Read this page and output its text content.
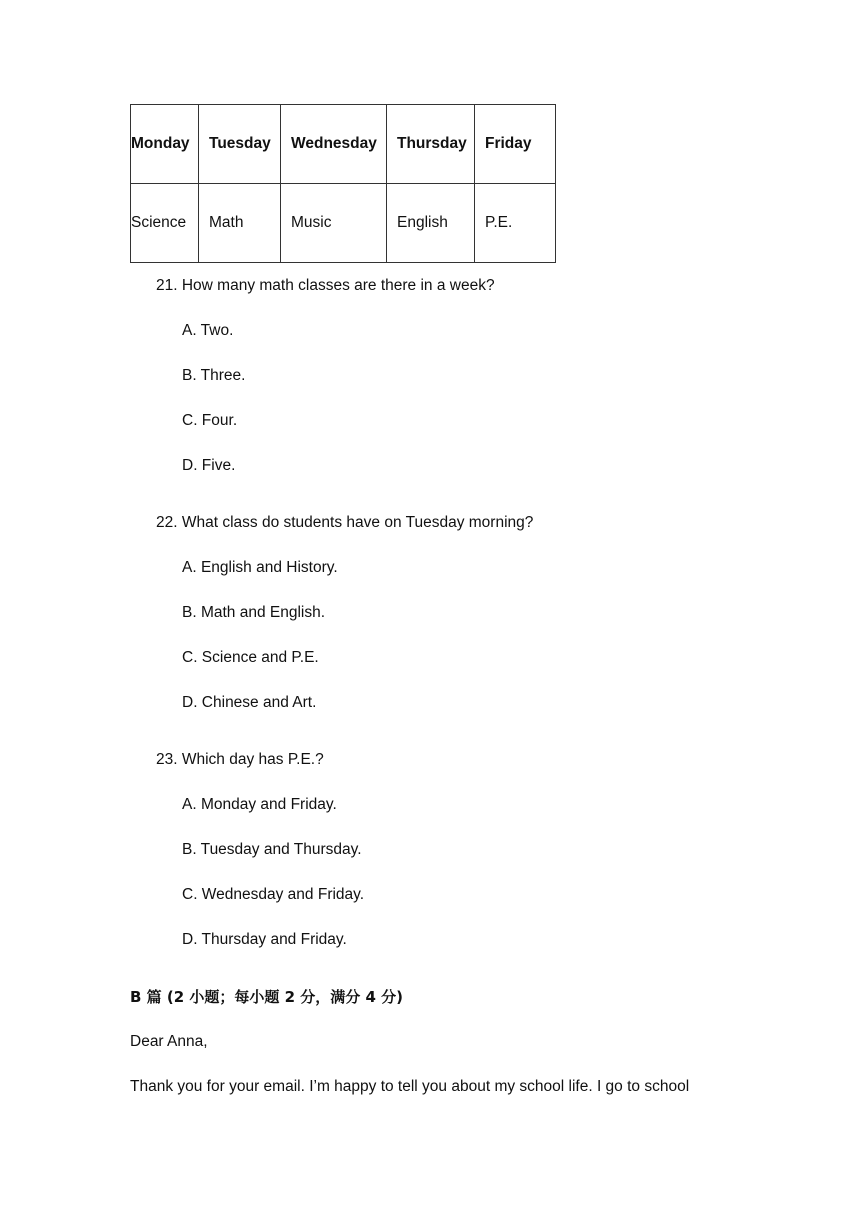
Monday	Tuesday	Wednesday	Thursday	Friday
Science	Math	Music	English	P.E.
21. How many math classes are there in a week?
A. Two.
B. Three.
C. Four.
D. Five.
22. What class do students have on Tuesday morning?
A. English and History.
B. Math and English.
C. Science and P.E.
D. Chinese and Art.
23. Which day has P.E.?
A. Monday and Friday.
B. Tuesday and Thursday.
C. Wednesday and Friday.
D. Thursday and Friday.
B 篇 (2 小题；每小题 2 分，满分 4 分)
Dear Anna,
Thank you for your email. I’m happy to tell you about my school life. I go to school
